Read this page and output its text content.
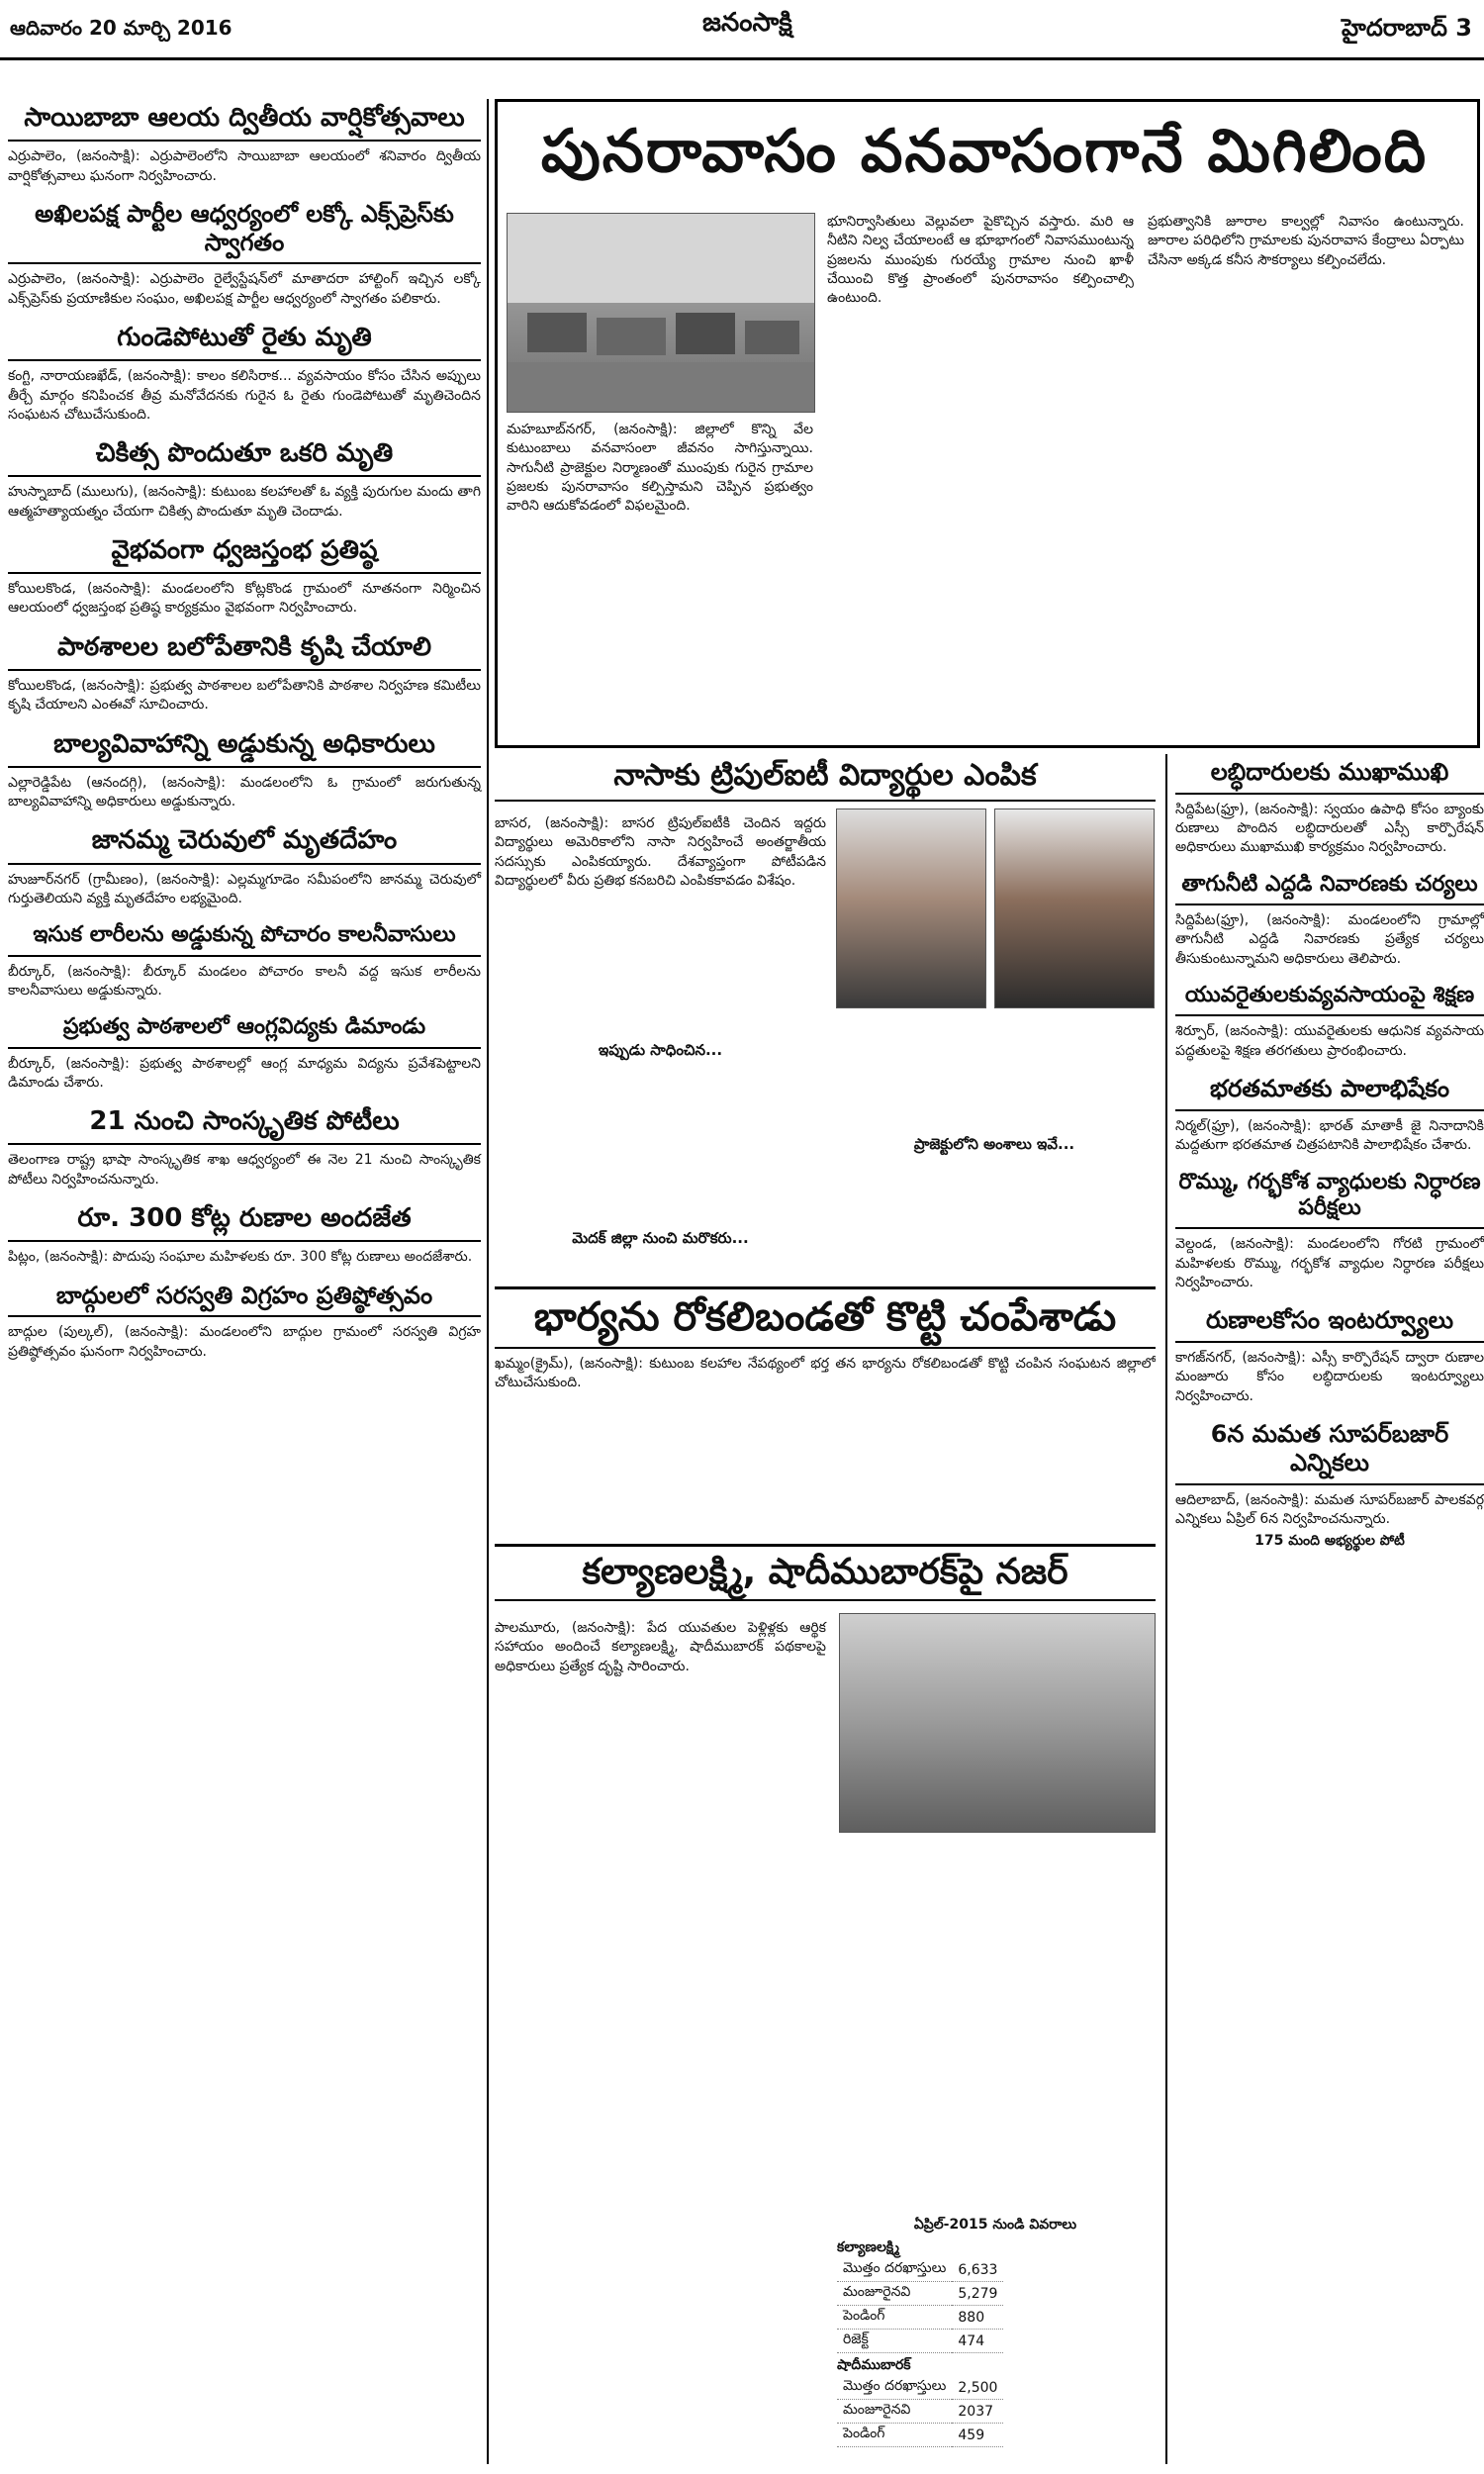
ఆదివారం 20 మార్చి 2016	జనంసాక్షి	హైదరాబాద్ 3
సాయిబాబా ఆలయ ద్వితీయ వార్షికోత్సవాలు
ఎర్రుపాలెం, (జనంసాక్షి): ఎర్రుపాలెంలోని సాయిబాబా ఆలయంలో శనివారం ద్వితీయ వార్షికోత్సవాలు ఘనంగా నిర్వహించారు.
అఖిలపక్ష పార్టీల ఆధ్వర్యంలో లక్కో ఎక్స్‌ప్రెస్‌కు స్వాగతం
ఎర్రుపాలెం, (జనంసాక్షి): ఎర్రుపాలెం రైల్వేస్టేషన్‌లో మాతాదరా హాల్టింగ్ ఇచ్చిన లక్కో ఎక్స్‌ప్రెస్‌కు ప్రయాణికుల సంఘం, అఖిలపక్ష పార్టీల ఆధ్వర్యంలో స్వాగతం పలికారు.
గుండెపోటుతో రైతు మృతి
కంగ్టి, నారాయణఖేడ్, (జనంసాక్షి): కాలం కలిసిరాక... వ్యవసాయం కోసం చేసిన అప్పులు తీర్చే మార్గం కనిపించక తీవ్ర మనోవేదనకు గురైన ఓ రైతు గుండెపోటుతో మృతిచెందిన సంఘటన చోటుచేసుకుంది.
చికిత్స పొందుతూ ఒకరి మృతి
హుస్నాబాద్ (ములుగు), (జనంసాక్షి): కుటుంబ కలహాలతో ఓ వ్యక్తి పురుగుల మందు తాగి ఆత్మహత్యాయత్నం చేయగా చికిత్స పొందుతూ మృతి చెందాడు.
వైభవంగా ధ్వజస్తంభ ప్రతిష్ఠ
కోయిలకొండ, (జనంసాక్షి): మండలంలోని కోట్లకొండ గ్రామంలో నూతనంగా నిర్మించిన ఆలయంలో ధ్వజస్తంభ ప్రతిష్ఠ కార్యక్రమం వైభవంగా నిర్వహించారు.
పాఠశాలల బలోపేతానికి కృషి చేయాలి
కోయిలకొండ, (జనంసాక్షి): ప్రభుత్వ పాఠశాలల బలోపేతానికి పాఠశాల నిర్వహణ కమిటీలు కృషి చేయాలని ఎంఈవో సూచించారు.
బాల్యవివాహాన్ని అడ్డుకున్న అధికారులు
ఎల్లారెడ్డిపేట (ఆనందగ్గి), (జనంసాక్షి): మండలంలోని ఓ గ్రామంలో జరుగుతున్న బాల్యవివాహాన్ని అధికారులు అడ్డుకున్నారు.
జానమ్మ చెరువులో మృతదేహం
హుజూర్‌నగర్ (గ్రామీణం), (జనంసాక్షి): ఎల్లమ్మగూడెం సమీపంలోని జానమ్మ చెరువులో గుర్తుతెలియని వ్యక్తి మృతదేహం లభ్యమైంది.
ఇసుక లారీలను అడ్డుకున్న పోచారం కాలనీవాసులు
బీర్కూర్, (జనంసాక్షి): బీర్కూర్ మండలం పోచారం కాలనీ వద్ద ఇసుక లారీలను కాలనీవాసులు అడ్డుకున్నారు.
ప్రభుత్వ పాఠశాలలో ఆంగ్లవిద్యకు డిమాండు
బీర్కూర్, (జనంసాక్షి): ప్రభుత్వ పాఠశాలల్లో ఆంగ్ల మాధ్యమ విద్యను ప్రవేశపెట్టాలని డిమాండు చేశారు.
21 నుంచి సాంస్కృతిక పోటీలు
తెలంగాణ రాష్ట్ర భాషా సాంస్కృతిక శాఖ ఆధ్వర్యంలో ఈ నెల 21 నుంచి సాంస్కృతిక పోటీలు నిర్వహించనున్నారు.
రూ. 300 కోట్ల రుణాల అందజేత
పిట్లం, (జనంసాక్షి): పొదుపు సంఘాల మహిళలకు రూ. 300 కోట్ల రుణాలు అందజేశారు.
బాద్గులలో సరస్వతి విగ్రహం ప్రతిష్ఠోత్సవం
బాద్గుల (పుల్కల్), (జనంసాక్షి): మండలంలోని బాద్గుల గ్రామంలో సరస్వతి విగ్రహ ప్రతిష్ఠోత్సవం ఘనంగా నిర్వహించారు.
పునరావాసం వనవాసంగానే మిగిలింది
మహబూబ్‌నగర్, (జనంసాక్షి): జిల్లాలో కొన్ని వేల కుటుంబాలు వనవాసంలా జీవనం సాగిస్తున్నాయి. సాగునీటి ప్రాజెక్టుల నిర్మాణంతో ముంపుకు గురైన గ్రామాల ప్రజలకు పునరావాసం కల్పిస్తామని చెప్పిన ప్రభుత్వం వారిని ఆదుకోవడంలో విఫలమైంది.
భూనిర్వాసితులు వెల్లువలా పైకొచ్చిన వస్తారు. మరి ఆ నీటిని నిల్వ చేయాలంటే ఆ భూభాగంలో నివాసముంటున్న ప్రజలను ముంపుకు గురయ్యే గ్రామాల నుంచి ఖాళీ చేయించి కొత్త ప్రాంతంలో పునరావాసం కల్పించాల్సి ఉంటుంది.
ప్రభుత్వానికి జూరాల కాల్వల్లో నివాసం ఉంటున్నారు. జూరాల పరిధిలోని గ్రామాలకు పునరావాస కేంద్రాలు ఏర్పాటు చేసినా అక్కడ కనీస సౌకర్యాలు కల్పించలేదు.
నాసాకు ట్రిపుల్‌ఐటీ విద్యార్థుల ఎంపిక
బాసర, (జనంసాక్షి): బాసర ట్రిపుల్‌ఐటీకి చెందిన ఇద్దరు విద్యార్థులు అమెరికాలోని నాసా నిర్వహించే అంతర్జాతీయ సదస్సుకు ఎంపికయ్యారు. దేశవ్యాప్తంగా పోటీపడిన విద్యార్థులలో వీరు ప్రతిభ కనబరిచి ఎంపికకావడం విశేషం.
ఇప్పుడు సాధించిన...
ప్రాజెక్టులోని అంశాలు ఇవే...
మెదక్ జిల్లా నుంచి మరొకరు...
భార్యను రోకలిబండతో కొట్టి చంపేశాడు
ఖమ్మం(క్రైమ్), (జనంసాక్షి): కుటుంబ కలహాల నేపథ్యంలో భర్త తన భార్యను రోకలిబండతో కొట్టి చంపిన సంఘటన జిల్లాలో చోటుచేసుకుంది.
కల్యాణలక్ష్మి, షాదీముబారక్‌పై నజర్
పాలమూరు, (జనంసాక్షి): పేద యువతుల పెళ్లిళ్లకు ఆర్థిక సహాయం అందించే కల్యాణలక్ష్మి, షాదీముబారక్ పథకాలపై అధికారులు ప్రత్యేక దృష్టి సారించారు.
ఏప్రిల్-2015 నుండి వివరాలు
కల్యాణలక్ష్మి
మొత్తం దరఖాస్తులు	6,633
మంజూరైనవి	5,279
పెండింగ్	880
రిజెక్ట్	474
షాదీముబారక్
మొత్తం దరఖాస్తులు	2,500
మంజూరైనవి	2037
పెండింగ్	459
లబ్ధిదారులకు ముఖాముఖి
సిద్దిపేట(ఫ్రూ), (జనంసాక్షి): స్వయం ఉపాధి కోసం బ్యాంకు రుణాలు పొందిన లబ్ధిదారులతో ఎస్సీ కార్పొరేషన్ అధికారులు ముఖాముఖి కార్యక్రమం నిర్వహించారు.
తాగునీటి ఎద్దడి నివారణకు చర్యలు
సిద్దిపేట(ఫ్రూ), (జనంసాక్షి): మండలంలోని గ్రామాల్లో తాగునీటి ఎద్దడి నివారణకు ప్రత్యేక చర్యలు తీసుకుంటున్నామని అధికారులు తెలిపారు.
యువరైతులకువ్యవసాయంపై శిక్షణ
శిర్పూర్, (జనంసాక్షి): యువరైతులకు ఆధునిక వ్యవసాయ పద్ధతులపై శిక్షణ తరగతులు ప్రారంభించారు.
భరతమాతకు పాలాభిషేకం
నిర్మల్(ఫ్రూ), (జనంసాక్షి): భారత్ మాతాకీ జై నినాదానికి మద్దతుగా భరతమాత చిత్రపటానికి పాలాభిషేకం చేశారు.
రొమ్ము, గర్భకోశ వ్యాధులకు నిర్ధారణ పరీక్షలు
వెల్దండ, (జనంసాక్షి): మండలంలోని గోరటి గ్రామంలో మహిళలకు రొమ్ము, గర్భకోశ వ్యాధుల నిర్ధారణ పరీక్షలు నిర్వహించారు.
రుణాలకోసం ఇంటర్వ్యూలు
కాగజ్‌నగర్, (జనంసాక్షి): ఎస్సీ కార్పొరేషన్ ద్వారా రుణాల మంజూరు కోసం లబ్ధిదారులకు ఇంటర్వ్యూలు నిర్వహించారు.
6న మమత సూపర్‌బజార్ ఎన్నికలు
ఆదిలాబాద్, (జనంసాక్షి): మమత సూపర్‌బజార్ పాలకవర్గ ఎన్నికలు ఏప్రిల్ 6న నిర్వహించనున్నారు.
175 మంది అభ్యర్థుల పోటీ
